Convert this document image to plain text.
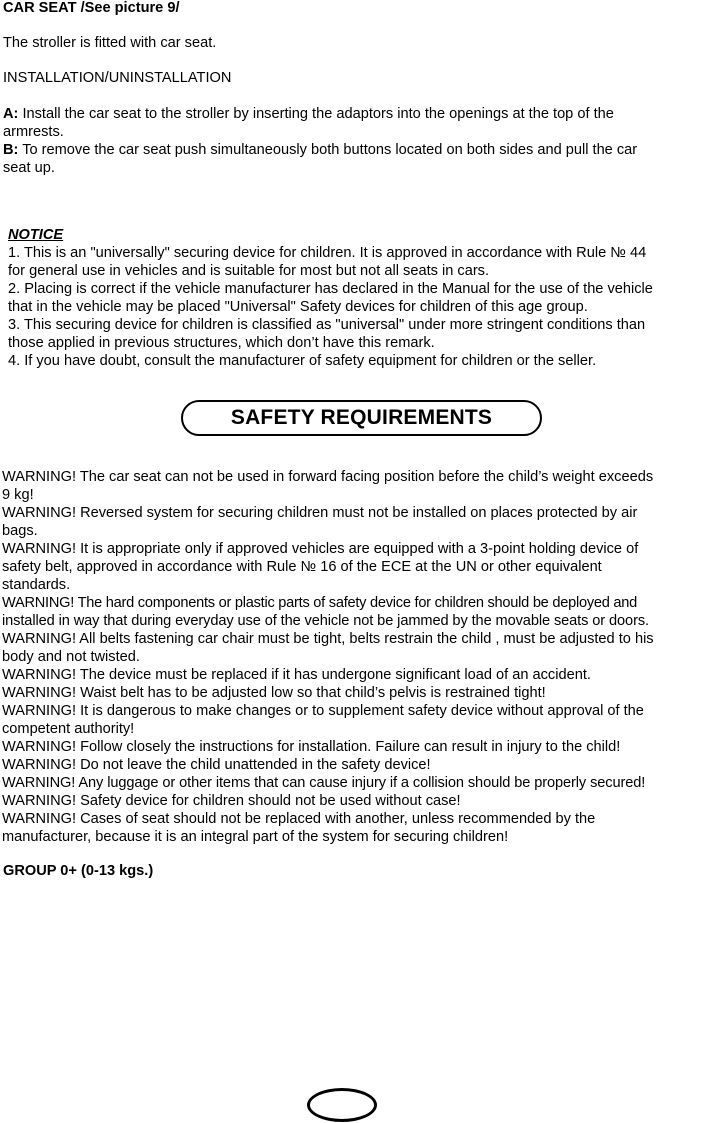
CAR SEAT /See picture 9/
The stroller is fitted with car seat.
INSTALLATION/UNINSTALLATION
A: Install the car seat to the stroller by inserting the adaptors into the openings at the top of the
armrests.
B: To remove the car seat push simultaneously both buttons located on both sides and pull the car
seat up.
NOTICE
1. This is an "universally" securing device for children. It is approved in accordance with Rule № 44
for general use in vehicles and is suitable for most but not all seats in cars.
2. Placing is correct if the vehicle manufacturer has declared in the Manual for the use of the vehicle
that in the vehicle may be placed "Universal" Safety devices for children of this age group.
3. This securing device for children is classified as "universal" under more stringent conditions than
those applied in previous structures, which don’t have this remark.
4. If you have doubt, consult the manufacturer of safety equipment for children or the seller.
SAFETY REQUIREMENTS
WARNING! The car seat can not be used in forward facing position before the child’s weight exceeds
9 kg!
WARNING! Reversed system for securing children must not be installed on places protected by air
bags.
WARNING! It is appropriate only if approved vehicles are equipped with a 3-point holding device of
safety belt, approved in accordance with Rule № 16 of the ECE at the UN or other equivalent
standards.
WARNING! The hard components or plastic parts of safety device for children should be deployed and
installed in way that during everyday use of the vehicle not be jammed by the movable seats or doors.
WARNING! All belts fastening car chair must be tight, belts restrain the child , must be adjusted to his
body and not twisted.
WARNING! The device must be replaced if it has undergone significant load of an accident.
WARNING! Waist belt has to be adjusted low so that child’s pelvis is restrained tight!
WARNING! It is dangerous to make changes or to supplement safety device without approval of the
competent authority!
WARNING! Follow closely the instructions for installation. Failure can result in injury to the child!
WARNING! Do not leave the child unattended in the safety device!
WARNING! Any luggage or other items that can cause injury if a collision should be properly secured!
WARNING! Safety device for children should not be used without case!
WARNING! Cases of seat should not be replaced with another, unless recommended by the
manufacturer, because it is an integral part of the system for securing children!
GROUP 0+ (0-13 kgs.)
